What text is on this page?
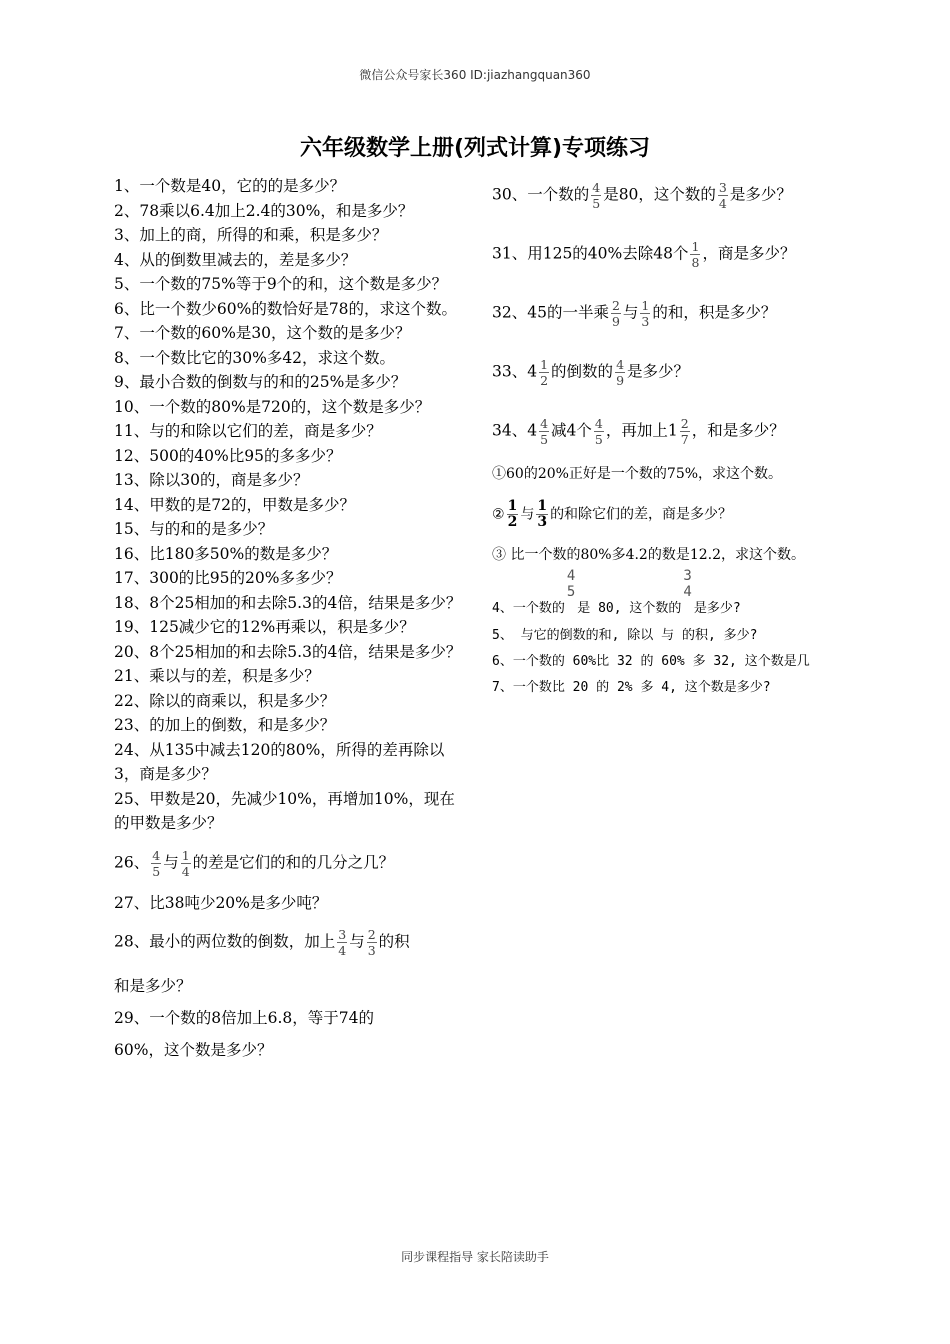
微信公众号家长360 ID:jiazhangquan360
六年级数学上册(列式计算)专项练习

1、一个数是40，它的的是多少？

2、78乘以6.4加上2.4的30%，和是多少？

3、加上的商，所得的和乘，积是多少？

4、从的倒数里减去的，差是多少？

5、一个数的75%等于9个的和，这个数是多少？

6、比一个数少60%的数恰好是78的，求这个数。

7、一个数的60%是30，这个数的是多少？

8、一个数比它的30%多42，求这个数。

9、最小合数的倒数与的和的25%是多少？

10、一个数的80%是720的，这个数是多少？

11、与的和除以它们的差，商是多少？

12、500的40%比95的多多少？

13、除以30的，商是多少？

14、甲数的是72的，甲数是多少？

15、与的和的是多少？

16、比180多50%的数是多少？

17、300的比95的20%多多少？

18、8个25相加的和去除5.3的4倍，结果是多少？

19、125减少它的12%再乘以，积是多少？

20、8个25相加的和去除5.3的4倍，结果是多少？

21、乘以与的差，积是多少？

22、除以的商乘以，积是多少？

23、的加上的倒数，和是多少？

24、从135中减去120的80%，所得的差再除以3，商是多少？

25、甲数是20，先减少10%，再增加10%，现在的甲数是多少？

26、 $\frac{4}{5}$ 与 $\frac{1}{4}$ 的差是它们的和的几分之几？

27、比38吨少20%是多少吨？

28、最小的两位数的倒数，加上 $\frac{3}{4}$ 与 $\frac{2}{3}$ 的积

和是多少？

29、一个数的8倍加上6.8，等于74的

60%，这个数是多少？

30、一个数的 $\frac{4}{5}$ 是80，这个数的 $\frac{3}{4}$ 是多少？

31、用125的40%去除48个 $\frac{1}{8}$ ，商是多少？

32、45的一半乘 $\frac{2}{9}$ 与 $\frac{1}{3}$ 的和，积是多少？

33、$4 \frac{1}{2}$ 的倒数的 $\frac{4}{9}$ 是多少？

34、$4 \frac{4}{5}$ 减4个 $\frac{4}{5}$ ，再加上$1 \frac{2}{7}$ ，和是多少？

①60的20%正好是一个数的75%，求这个数。

② $\frac{1}{2}$ 与 $\frac{1}{3}$ 的和除它们的差，商是多少？

③ 比一个数的80%多4.2的数是12.2，求这个数。

4、一个数的
4
5
是 80, 这个数的
3
4
是多少?

5、 与它的倒数的和, 除以 与 的积, 多少?

6、一个数的 60%比 32 的 60% 多 32, 这个数是几

7、一个数比 20 的 2% 多 4, 这个数是多少?

同步课程指导 家长陪读助手
